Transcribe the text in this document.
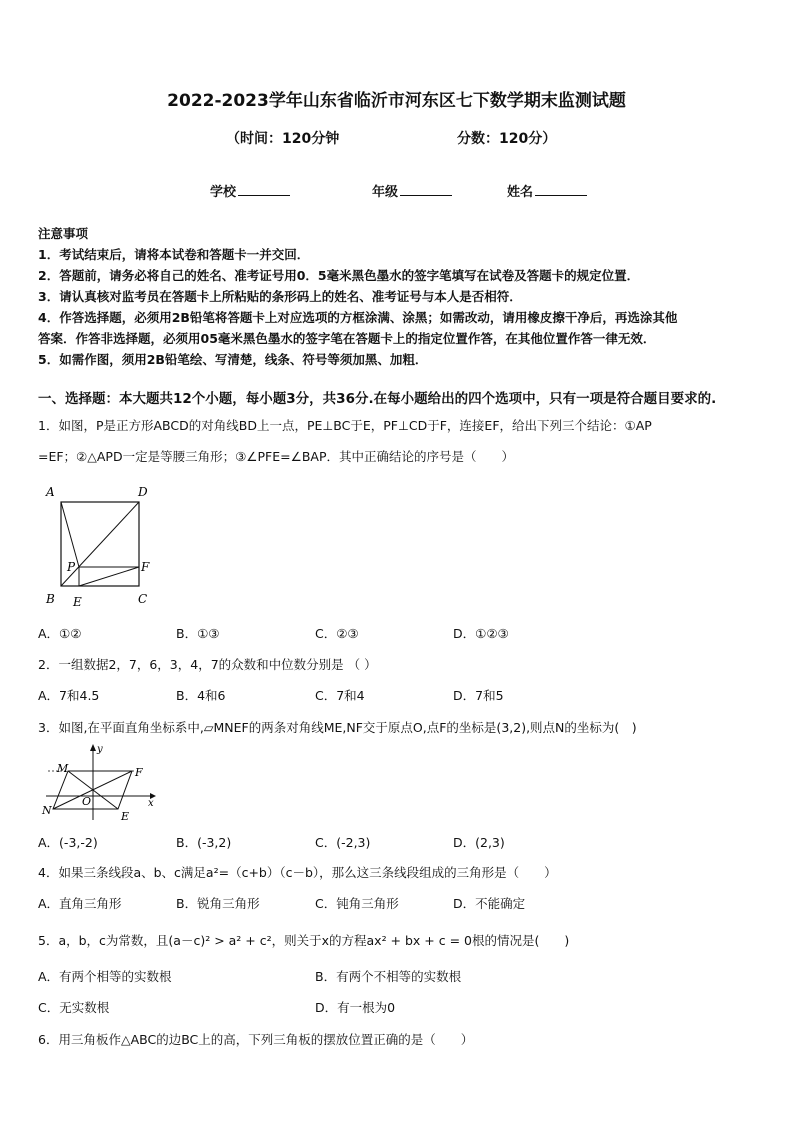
2022-2023学年山东省临沂市河东区七下数学期末监测试题
（时间：120分钟	分数：120分）
学校	年级	姓名
注意事项
1．考试结束后，请将本试卷和答题卡一并交回．
2．答题前，请务必将自己的姓名、准考证号用0．5毫米黑色墨水的签字笔填写在试卷及答题卡的规定位置．
3．请认真核对监考员在答题卡上所粘贴的条形码上的姓名、准考证号与本人是否相符．
4．作答选择题，必须用2B铅笔将答题卡上对应选项的方框涂满、涂黑；如需改动，请用橡皮擦干净后，再选涂其他
答案．作答非选择题，必须用05毫米黑色墨水的签字笔在答题卡上的指定位置作答，在其他位置作答一律无效．
5．如需作图，须用2B铅笔绘、写清楚，线条、符号等须加黑、加粗．
一、选择题：本大题共12个小题，每小题3分，共36分.在每小题给出的四个选项中，只有一项是符合题目要求的.
1．如图，P是正方形ABCD的对角线BD上一点，PE⊥BC于E，PF⊥CD于F，连接EF，给出下列三个结论：①AP
=EF；②△APD一定是等腰三角形；③∠PFE=∠BAP．其中正确结论的序号是（　　）
A	D
P	F
B E	C
A．①②	B．①③	C．②③	D．①②③
2．一组数据2，7，6，3，4，7的众数和中位数分别是 （ ）
A．7和4.5	B．4和6	C．7和4	D．7和5
3．如图,在平面直角坐标系中,▱MNEF的两条对角线ME,NF交于原点O,点F的坐标是(3,2),则点N的坐标为(　)
y
x
M	F
N
O
E
A．(-3,-2)	B．(-3,2)	C．(-2,3)	D．(2,3)
4．如果三条线段a、b、c满足a²=（c+b）（c－b），那么这三条线段组成的三角形是（　　）
A．直角三角形	B．锐角三角形	C．钝角三角形	D．不能确定
5．a，b，c为常数，且(a－c)² > a² + c²，则关于x的方程ax² + bx + c = 0根的情况是(　　)
A．有两个相等的实数根	B．有两个不相等的实数根
C．无实数根	D．有一根为0
6．用三角板作△ABC的边BC上的高，下列三角板的摆放位置正确的是（　　）
